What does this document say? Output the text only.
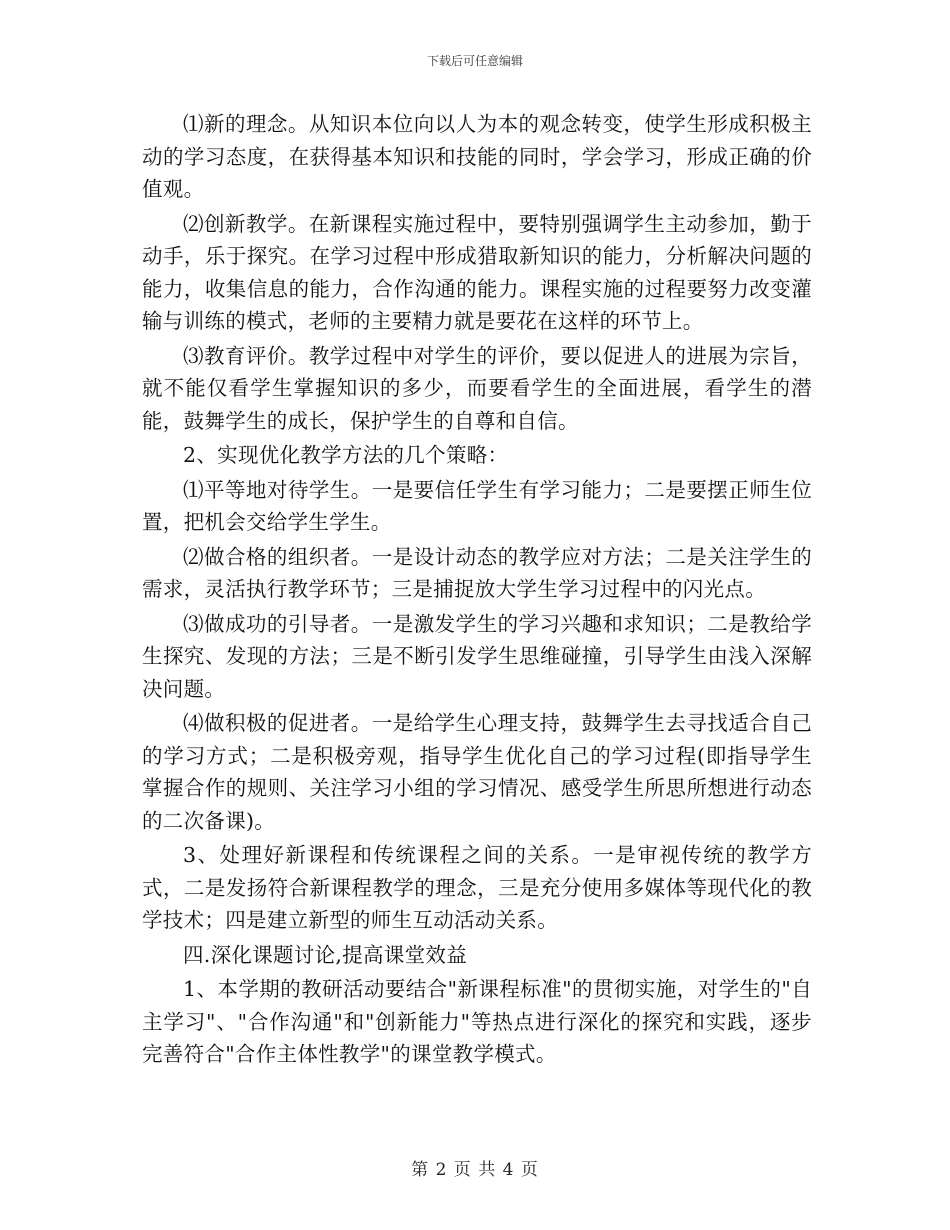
下载后可任意编辑

⑴新的理念。从知识本位向以人为本的观念转变，使学生形成积极主动的学习态度，在获得基本知识和技能的同时，学会学习，形成正确的价值观。

⑵创新教学。在新课程实施过程中，要特别强调学生主动参加，勤于动手，乐于探究。在学习过程中形成猎取新知识的能力，分析解决问题的能力，收集信息的能力，合作沟通的能力。课程实施的过程要努力改变灌输与训练的模式，老师的主要精力就是要花在这样的环节上。

⑶教育评价。教学过程中对学生的评价，要以促进人的进展为宗旨，就不能仅看学生掌握知识的多少，而要看学生的全面进展，看学生的潜能，鼓舞学生的成长，保护学生的自尊和自信。

2、实现优化教学方法的几个策略：

⑴平等地对待学生。一是要信任学生有学习能力；二是要摆正师生位置，把机会交给学生学生。

⑵做合格的组织者。一是设计动态的教学应对方法；二是关注学生的需求，灵活执行教学环节；三是捕捉放大学生学习过程中的闪光点。

⑶做成功的引导者。一是激发学生的学习兴趣和求知识；二是教给学生探究、发现的方法；三是不断引发学生思维碰撞，引导学生由浅入深解决问题。

⑷做积极的促进者。一是给学生心理支持，鼓舞学生去寻找适合自己的学习方式；二是积极旁观，指导学生优化自己的学习过程(即指导学生掌握合作的规则、关注学习小组的学习情况、感受学生所思所想进行动态的二次备课)。

3、处理好新课程和传统课程之间的关系。一是审视传统的教学方式，二是发扬符合新课程教学的理念，三是充分使用多媒体等现代化的教学技术；四是建立新型的师生互动活动关系。

四.深化课题讨论,提高课堂效益

1、本学期的教研活动要结合"新课程标准"的贯彻实施，对学生的"自主学习"、"合作沟通"和"创新能力"等热点进行深化的探究和实践，逐步完善符合"合作主体性教学"的课堂教学模式。

第 2 页 共 4 页
